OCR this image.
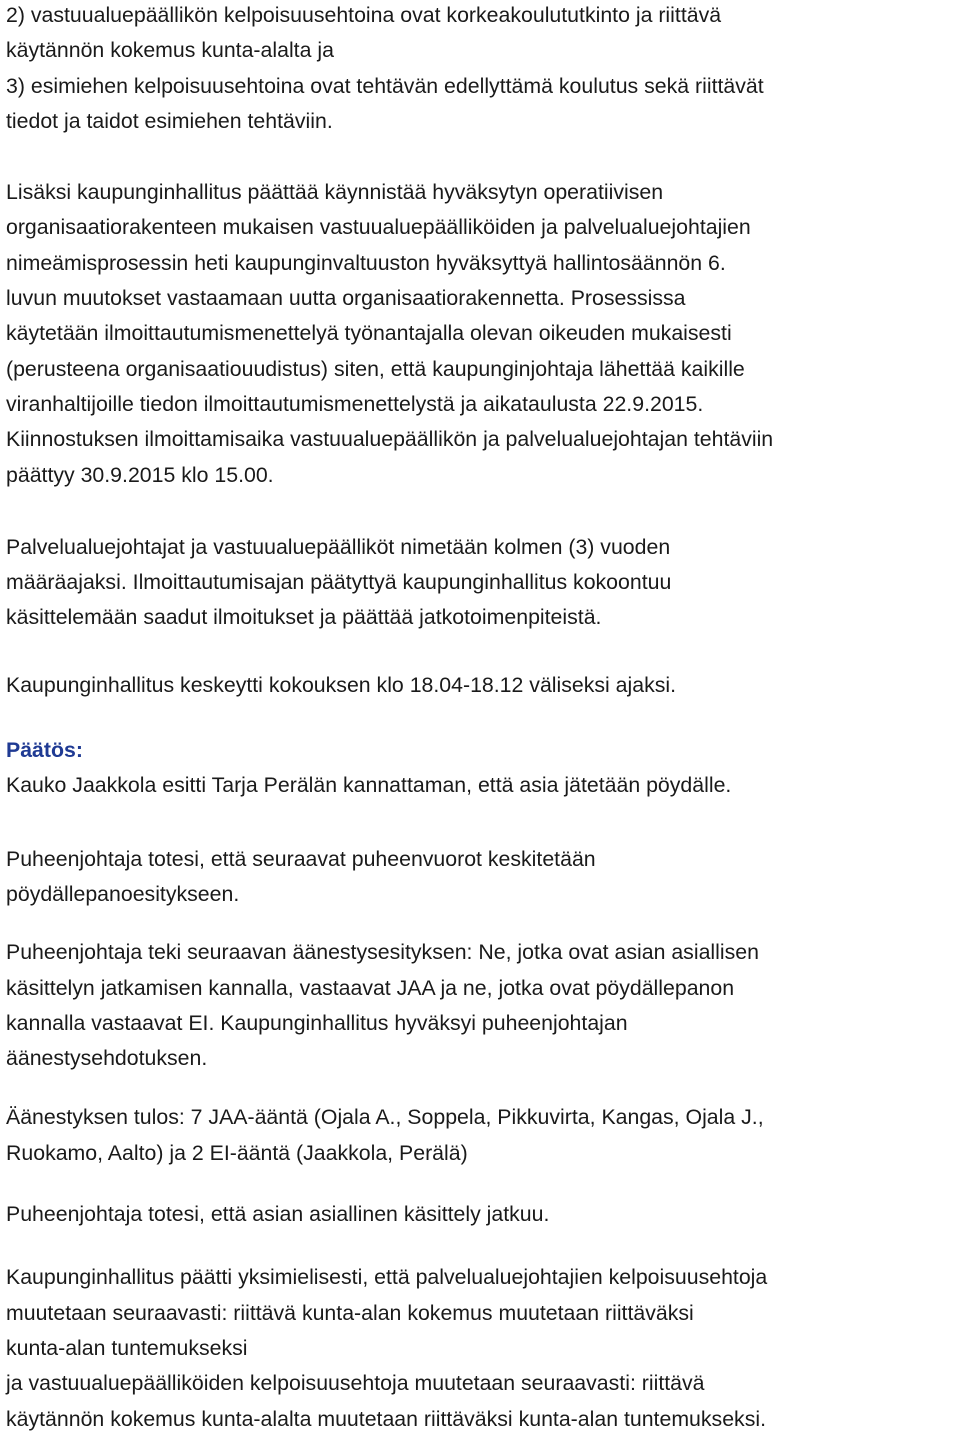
2) vastuualuepäällikön kelpoisuusehtoina ovat korkeakoulututkinto ja riittävä

käytännön kokemus kunta-alalta ja

3) esimiehen kelpoisuusehtoina ovat tehtävän edellyttämä koulutus sekä riittävät

tiedot ja taidot esimiehen tehtäviin.

Lisäksi kaupunginhallitus päättää käynnistää hyväksytyn operatiivisen

organisaatiorakenteen mukaisen vastuualuepäälliköiden ja palvelualuejohtajien

nimeämisprosessin heti kaupunginvaltuuston hyväksyttyä hallintosäännön 6.

luvun muutokset vastaamaan uutta organisaatiorakennetta. Prosessissa

käytetään ilmoittautumismenettelyä työnantajalla olevan oikeuden mukaisesti

(perusteena organisaatiouudistus) siten, että kaupunginjohtaja lähettää kaikille

viranhaltijoille tiedon ilmoittautumismenettelystä ja aikataulusta 22.9.2015.

Kiinnostuksen ilmoittamisaika vastuualuepäällikön ja palvelualuejohtajan tehtäviin

päättyy 30.9.2015 klo 15.00.

Palvelualuejohtajat ja vastuualuepäälliköt nimetään kolmen (3) vuoden

määräajaksi. Ilmoittautumisajan päätyttyä kaupunginhallitus kokoontuu

käsittelemään saadut ilmoitukset ja päättää jatkotoimenpiteistä.

Kaupunginhallitus keskeytti kokouksen klo 18.04-18.12 väliseksi ajaksi.

Päätös:

Kauko Jaakkola esitti Tarja Perälän kannattaman, että asia jätetään pöydälle.

Puheenjohtaja totesi, että seuraavat puheenvuorot keskitetään

pöydällepanoesitykseen.

Puheenjohtaja teki seuraavan äänestysesityksen: Ne, jotka ovat asian asiallisen

käsittelyn jatkamisen kannalla, vastaavat JAA ja ne, jotka ovat pöydällepanon

kannalla vastaavat EI. Kaupunginhallitus hyväksyi puheenjohtajan

äänestysehdotuksen.

Äänestyksen tulos: 7 JAA-ääntä (Ojala A., Soppela, Pikkuvirta, Kangas, Ojala J.,

Ruokamo, Aalto) ja 2 EI-ääntä (Jaakkola, Perälä)

Puheenjohtaja totesi, että asian asiallinen käsittely jatkuu.

Kaupunginhallitus päätti yksimielisesti, että palvelualuejohtajien kelpoisuusehtoja

muutetaan seuraavasti: riittävä kunta-alan kokemus muutetaan riittäväksi

kunta-alan tuntemukseksi

ja vastuualuepäälliköiden kelpoisuusehtoja muutetaan seuraavasti: riittävä

käytännön kokemus kunta-alalta muutetaan riittäväksi kunta-alan tuntemukseksi.
